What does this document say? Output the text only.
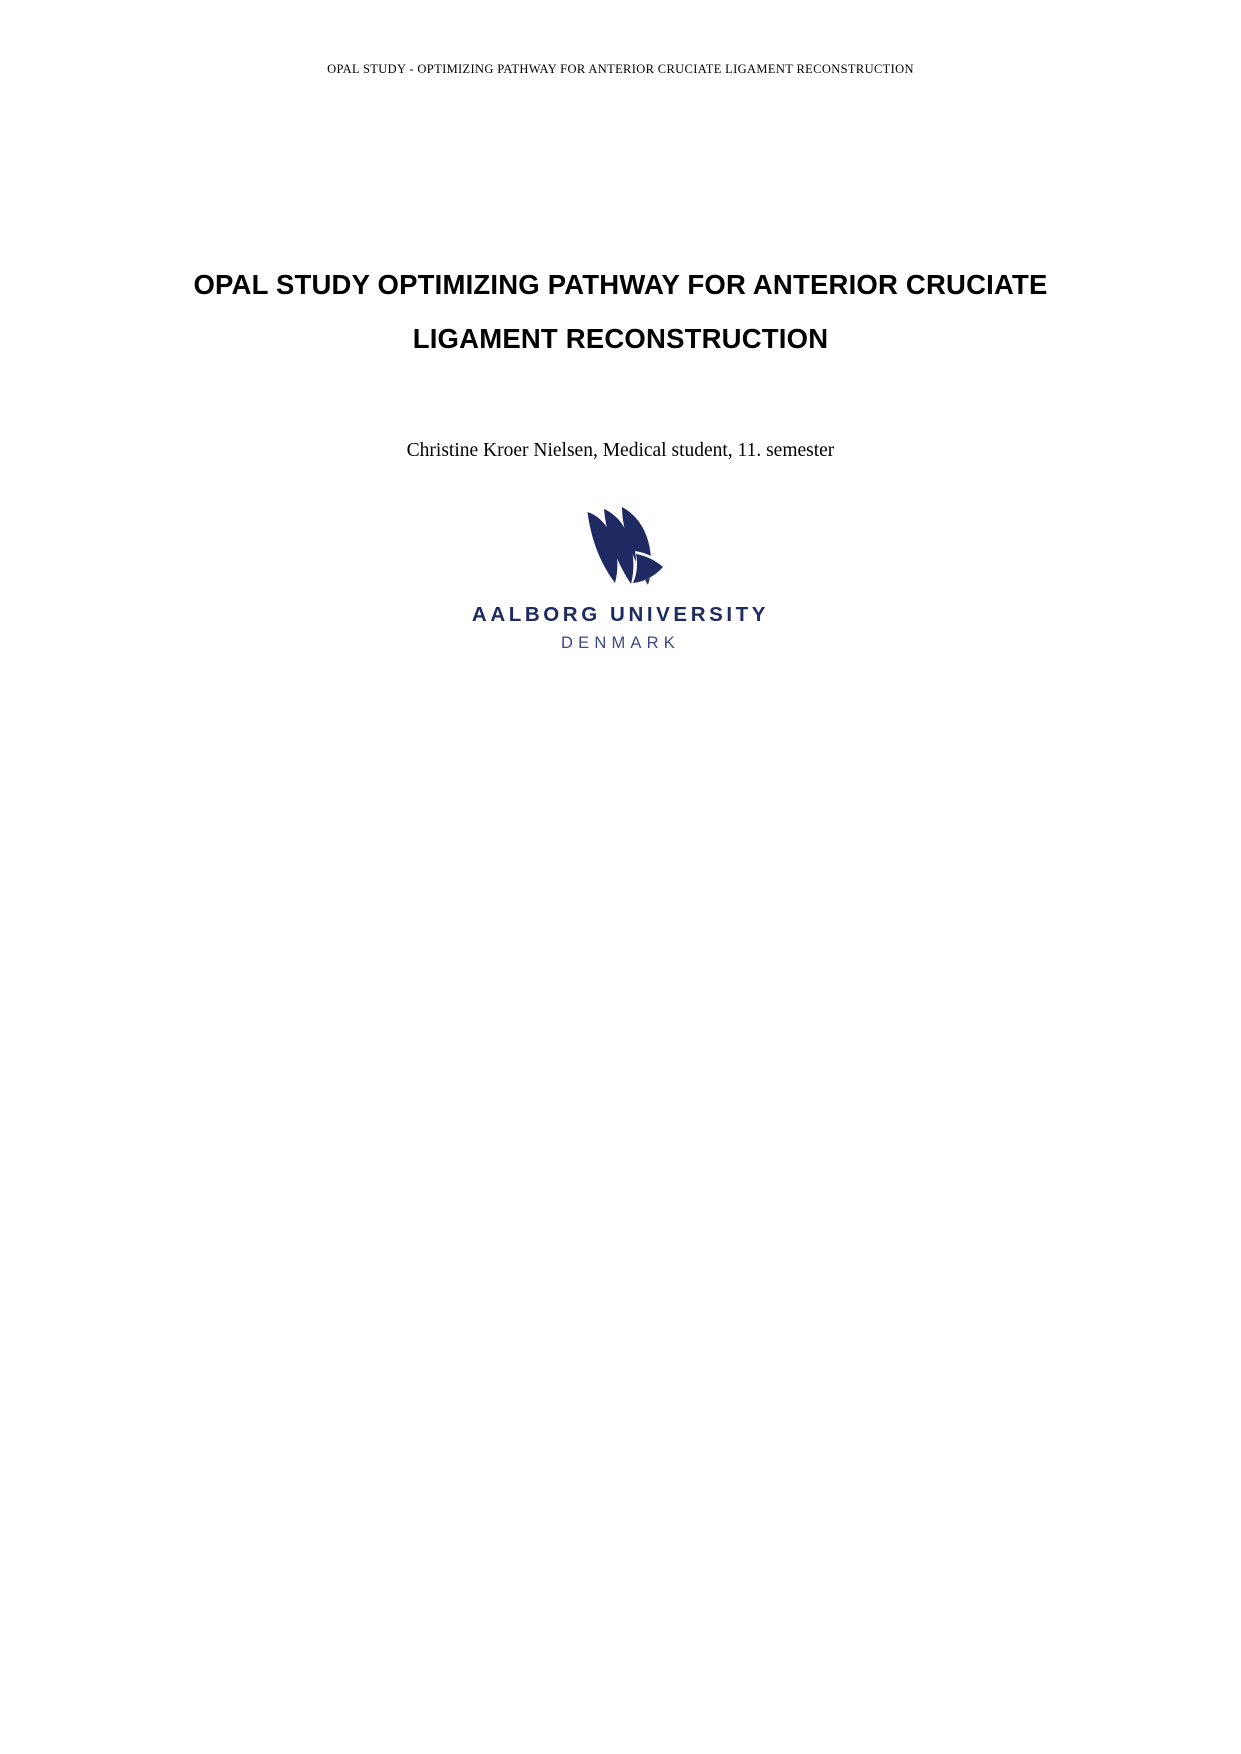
OPAL STUDY - OPTIMIZING PATHWAY FOR ANTERIOR CRUCIATE LIGAMENT RECONSTRUCTION
OPAL STUDY OPTIMIZING PATHWAY FOR ANTERIOR CRUCIATE
LIGAMENT RECONSTRUCTION
Christine Kroer Nielsen, Medical student, 11. semester
AALBORG UNIVERSITY
DENMARK
